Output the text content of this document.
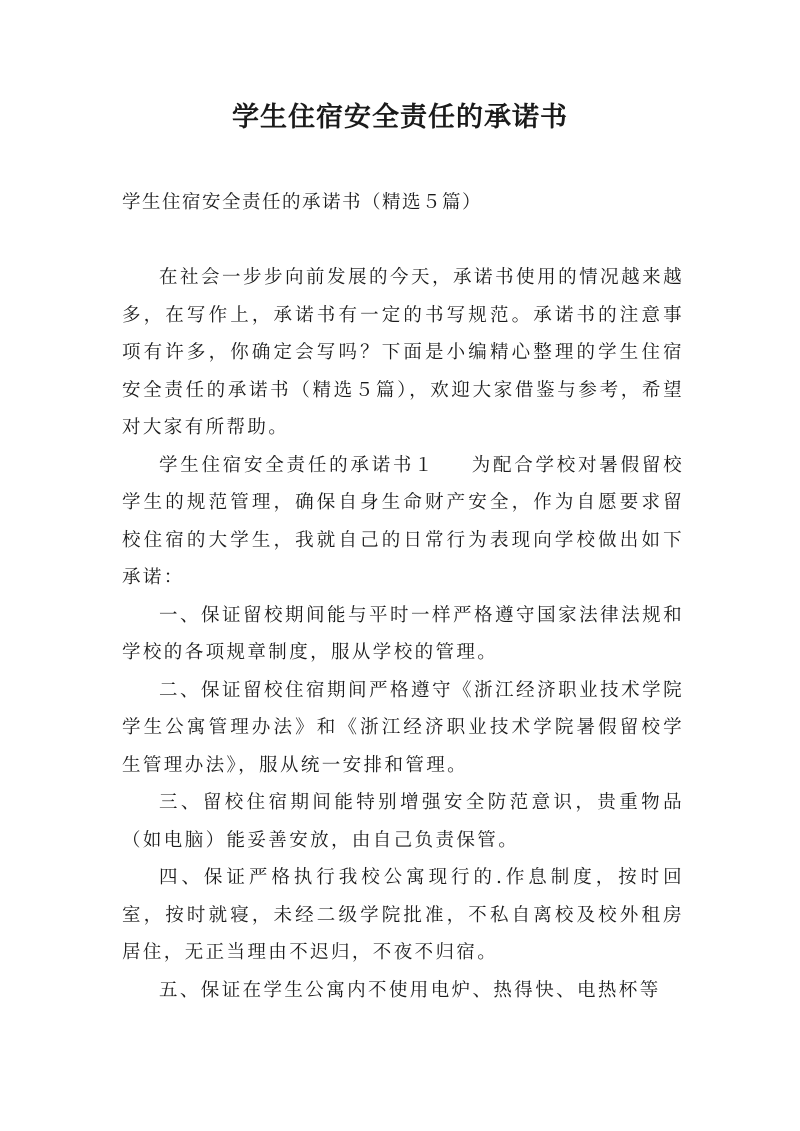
学生住宿安全责任的承诺书
学生住宿安全责任的承诺书（精选５篇）

在社会一步步向前发展的今天，承诺书使用的情况越来越多，在写作上，承诺书有一定的书写规范。承诺书的注意事项有许多，你确定会写吗？下面是小编精心整理的学生住宿安全责任的承诺书（精选５篇），欢迎大家借鉴与参考，希望对大家有所帮助。

学生住宿安全责任的承诺书１ 为配合学校对暑假留校学生的规范管理，确保自身生命财产安全，作为自愿要求留校住宿的大学生，我就自己的日常行为表现向学校做出如下承诺：

一、保证留校期间能与平时一样严格遵守国家法律法规和学校的各项规章制度，服从学校的管理。

二、保证留校住宿期间严格遵守《浙江经济职业技术学院学生公寓管理办法》和《浙江经济职业技术学院暑假留校学生管理办法》，服从统一安排和管理。

三、留校住宿期间能特别增强安全防范意识，贵重物品（如电脑）能妥善安放，由自己负责保管。

四、保证严格执行我校公寓现行的.作息制度，按时回室，按时就寝，未经二级学院批准，不私自离校及校外租房居住，无正当理由不迟归，不夜不归宿。

五、保证在学生公寓内不使用电炉、热得快、电热杯等
